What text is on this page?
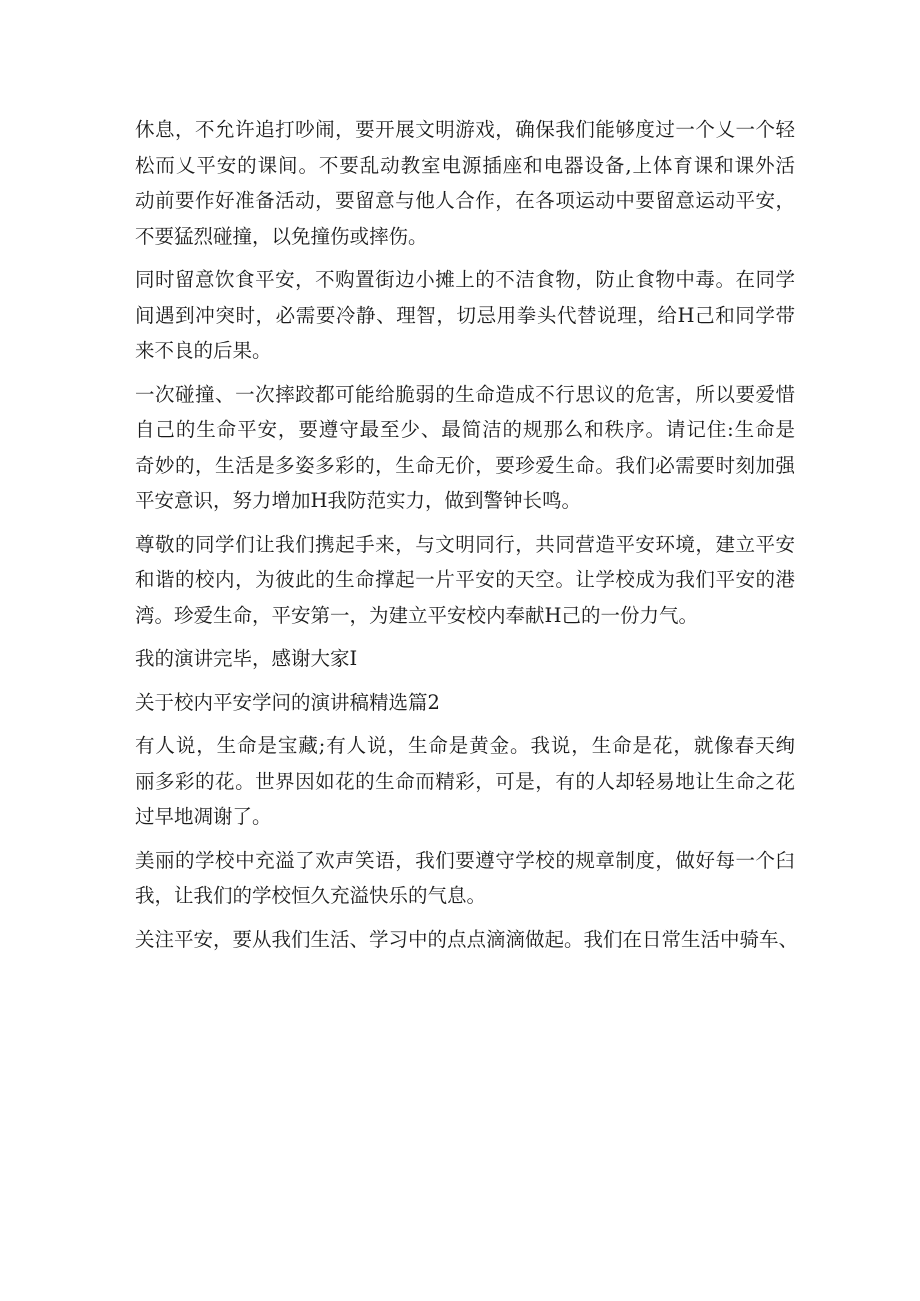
休息，不允许追打吵闹，要开展文明游戏，确保我们能够度过一个乂一个轻
松而乂平安的课间。不要乱动教室电源插座和电器设备,上体育课和课外活
动前要作好准备活动，要留意与他人合作，在各项运动中要留意运动平安，
不要猛烈碰撞，以免撞伤或摔伤。

同时留意饮食平安，不购置街边小摊上的不洁食物，防止食物中毒。在同学
间遇到冲突时，必需要冷静、理智，切忌用拳头代替说理，给H己和同学带
来不良的后果。

一次碰撞、一次摔跤都可能给脆弱的生命造成不行思议的危害，所以要爱惜
自己的生命平安，要遵守最至少、最简洁的规那么和秩序。请记住:生命是
奇妙的，生活是多姿多彩的，生命无价，要珍爱生命。我们必需要时刻加强
平安意识，努力增加H我防范实力，做到警钟长鸣。

尊敬的同学们让我们携起手来，与文明同行，共同营造平安环境，建立平安
和谐的校内，为彼此的生命撑起一片平安的天空。让学校成为我们平安的港
湾。珍爱生命，平安第一，为建立平安校内奉献H己的一份力气。

我的演讲完毕，感谢大家I

关于校内平安学问的演讲稿精选篇2

有人说，生命是宝藏;有人说，生命是黄金。我说，生命是花，就像春天绚
丽多彩的花。世界因如花的生命而精彩，可是，有的人却轻易地让生命之花
过早地凋谢了。

美丽的学校中充溢了欢声笑语，我们要遵守学校的规章制度，做好每一个臼
我，让我们的学校恒久充溢快乐的气息。

关注平安，要从我们生活、学习中的点点滴滴做起。我们在日常生活中骑车、
